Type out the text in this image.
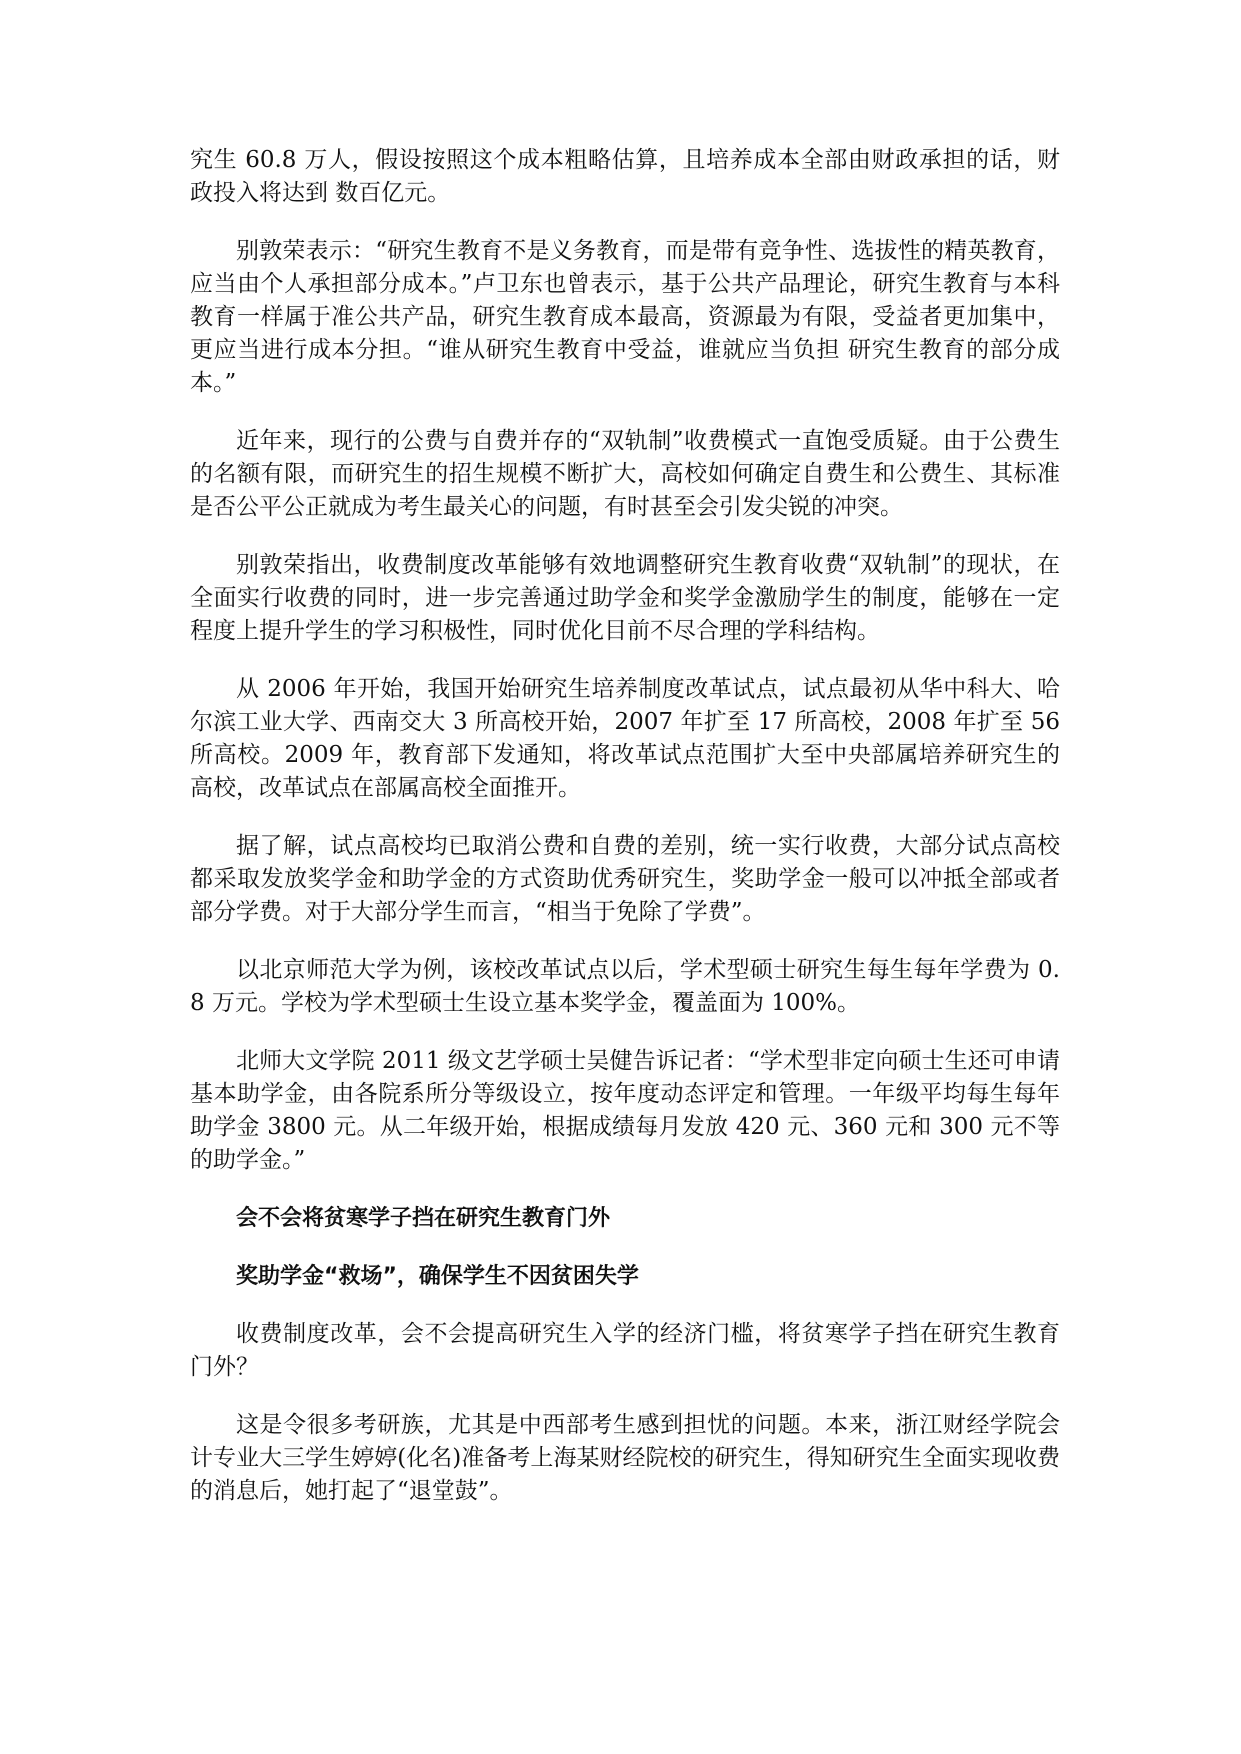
究生 60.8 万人，假设按照这个成本粗略估算，且培养成本全部由财政承担的话，财政投入将达到 数百亿元。

别敦荣表示：“研究生教育不是义务教育，而是带有竞争性、选拔性的精英教育，应当由个人承担部分成本。”卢卫东也曾表示，基于公共产品理论，研究生教育与本科教育一样属于准公共产品，研究生教育成本最高，资源最为有限，受益者更加集中，更应当进行成本分担。“谁从研究生教育中受益，谁就应当负担 研究生教育的部分成本。”

近年来，现行的公费与自费并存的“双轨制”收费模式一直饱受质疑。由于公费生的名额有限，而研究生的招生规模不断扩大，高校如何确定自费生和公费生、其标准是否公平公正就成为考生最关心的问题，有时甚至会引发尖锐的冲突。

别敦荣指出，收费制度改革能够有效地调整研究生教育收费“双轨制”的现状，在全面实行收费的同时，进一步完善通过助学金和奖学金激励学生的制度，能够在一定程度上提升学生的学习积极性，同时优化目前不尽合理的学科结构。

从 2006 年开始，我国开始研究生培养制度改革试点，试点最初从华中科大、哈尔滨工业大学、西南交大 3 所高校开始，2007 年扩至 17 所高校，2008 年扩至 56 所高校。2009 年，教育部下发通知，将改革试点范围扩大至中央部属培养研究生的高校，改革试点在部属高校全面推开。

据了解，试点高校均已取消公费和自费的差别，统一实行收费，大部分试点高校都采取发放奖学金和助学金的方式资助优秀研究生，奖助学金一般可以冲抵全部或者部分学费。对于大部分学生而言，“相当于免除了学费”。

以北京师范大学为例，该校改革试点以后，学术型硕士研究生每生每年学费为 0.8 万元。学校为学术型硕士生设立基本奖学金，覆盖面为 100%。

北师大文学院 2011 级文艺学硕士吴健告诉记者：“学术型非定向硕士生还可申请基本助学金，由各院系所分等级设立，按年度动态评定和管理。一年级平均每生每年助学金 3800 元。从二年级开始，根据成绩每月发放 420 元、360 元和 300 元不等的助学金。”

会不会将贫寒学子挡在研究生教育门外

奖助学金“救场”，确保学生不因贫困失学

收费制度改革，会不会提高研究生入学的经济门槛，将贫寒学子挡在研究生教育门外？

这是令很多考研族，尤其是中西部考生感到担忧的问题。本来，浙江财经学院会计专业大三学生婷婷(化名)准备考上海某财经院校的研究生，得知研究生全面实现收费的消息后，她打起了“退堂鼓”。
